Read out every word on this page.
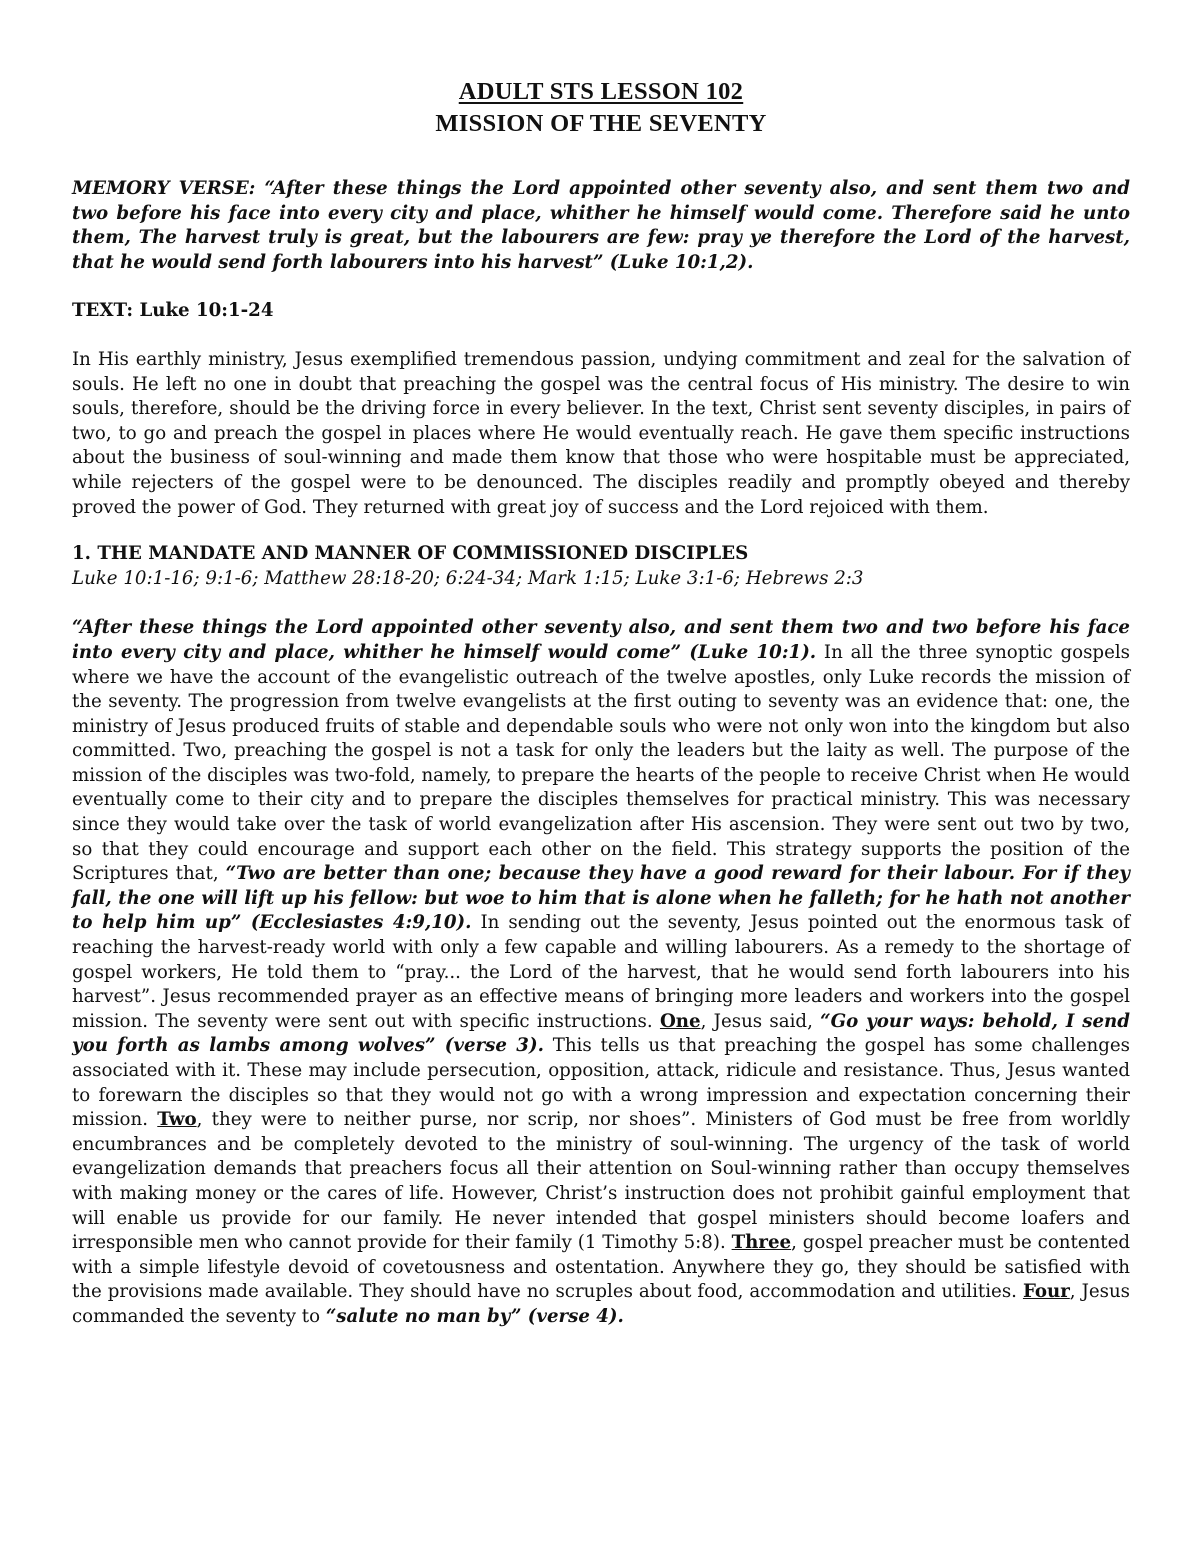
ADULT STS LESSON 102
MISSION OF THE SEVENTY
MEMORY VERSE: “After these things the Lord appointed other seventy also, and sent them two and two before his face into every city and place, whither he himself would come. Therefore said he unto them, The harvest truly is great, but the labourers are few: pray ye therefore the Lord of the harvest, that he would send forth labourers into his harvest” (Luke 10:1,2).
TEXT: Luke 10:1-24
In His earthly ministry, Jesus exemplified tremendous passion, undying commitment and zeal for the salvation of souls. He left no one in doubt that preaching the gospel was the central focus of His ministry. The desire to win souls, therefore, should be the driving force in every believer. In the text, Christ sent seventy disciples, in pairs of two, to go and preach the gospel in places where He would eventually reach. He gave them specific instructions about the business of soul-winning and made them know that those who were hospitable must be appreciated, while rejecters of the gospel were to be denounced. The disciples readily and promptly obeyed and thereby proved the power of God. They returned with great joy of success and the Lord rejoiced with them.
1. THE MANDATE AND MANNER OF COMMISSIONED DISCIPLES
Luke 10:1-16; 9:1-6; Matthew 28:18-20; 6:24-34; Mark 1:15; Luke 3:1-6; Hebrews 2:3
“After these things the Lord appointed other seventy also, and sent them two and two before his face into every city and place, whither he himself would come” (Luke 10:1). In all the three synoptic gospels where we have the account of the evangelistic outreach of the twelve apostles, only Luke records the mission of the seventy. The progression from twelve evangelists at the first outing to seventy was an evidence that: one, the ministry of Jesus produced fruits of stable and dependable souls who were not only won into the kingdom but also committed. Two, preaching the gospel is not a task for only the leaders but the laity as well. The purpose of the mission of the disciples was two-fold, namely, to prepare the hearts of the people to receive Christ when He would eventually come to their city and to prepare the disciples themselves for practical ministry. This was necessary since they would take over the task of world evangelization after His ascension. They were sent out two by two, so that they could encourage and support each other on the field. This strategy supports the position of the Scriptures that, “Two are better than one; because they have a good reward for their labour. For if they fall, the one will lift up his fellow: but woe to him that is alone when he falleth; for he hath not another to help him up” (Ecclesiastes 4:9,10). In sending out the seventy, Jesus pointed out the enormous task of reaching the harvest-ready world with only a few capable and willing labourers. As a remedy to the shortage of gospel workers, He told them to “pray... the Lord of the harvest, that he would send forth labourers into his harvest”. Jesus recommended prayer as an effective means of bringing more leaders and workers into the gospel mission. The seventy were sent out with specific instructions. One, Jesus said, “Go your ways: behold, I send you forth as lambs among wolves” (verse 3). This tells us that preaching the gospel has some challenges associated with it. These may include persecution, opposition, attack, ridicule and resistance. Thus, Jesus wanted to forewarn the disciples so that they would not go with a wrong impression and expectation concerning their mission. Two, they were to neither purse, nor scrip, nor shoes”. Ministers of God must be free from worldly encumbrances and be completely devoted to the ministry of soul-winning. The urgency of the task of world evangelization demands that preachers focus all their attention on Soul-winning rather than occupy themselves with making money or the cares of life. However, Christ’s instruction does not prohibit gainful employment that will enable us provide for our family. He never intended that gospel ministers should become loafers and irresponsible men who cannot provide for their family (1 Timothy 5:8). Three, gospel preacher must be contented with a simple lifestyle devoid of covetousness and ostentation. Anywhere they go, they should be satisfied with the provisions made available. They should have no scruples about food, accommodation and utilities. Four, Jesus commanded the seventy to “salute no man by” (verse 4).
